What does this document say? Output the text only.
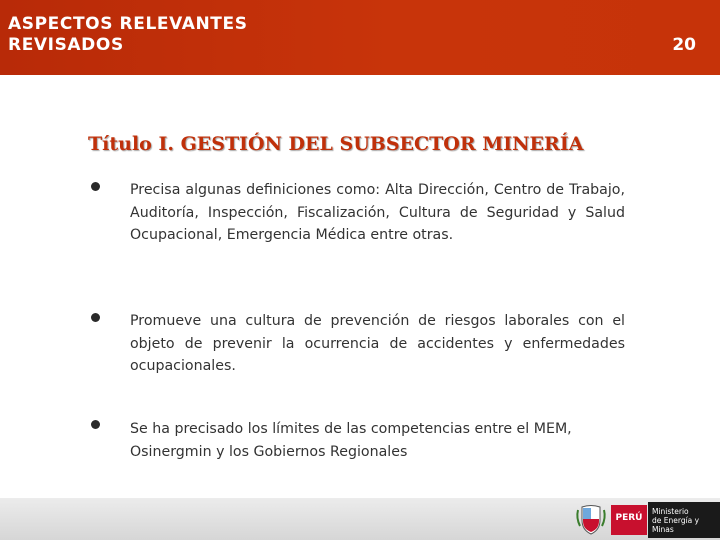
ASPECTOS RELEVANTES
REVISADOS	20
Título I. GESTIÓN DEL SUBSECTOR MINERÍA
Precisa algunas definiciones como: Alta Dirección, Centro de Trabajo, Auditoría, Inspección, Fiscalización, Cultura de Seguridad y Salud Ocupacional, Emergencia Médica entre otras.
Promueve una cultura de prevención de riesgos laborales con el objeto de prevenir la ocurrencia de accidentes y enfermedades ocupacionales.
Se ha precisado los límites de las competencias entre el MEM, Osinergmin y los Gobiernos Regionales
PERÚ
Ministerio
de Energía y Minas
